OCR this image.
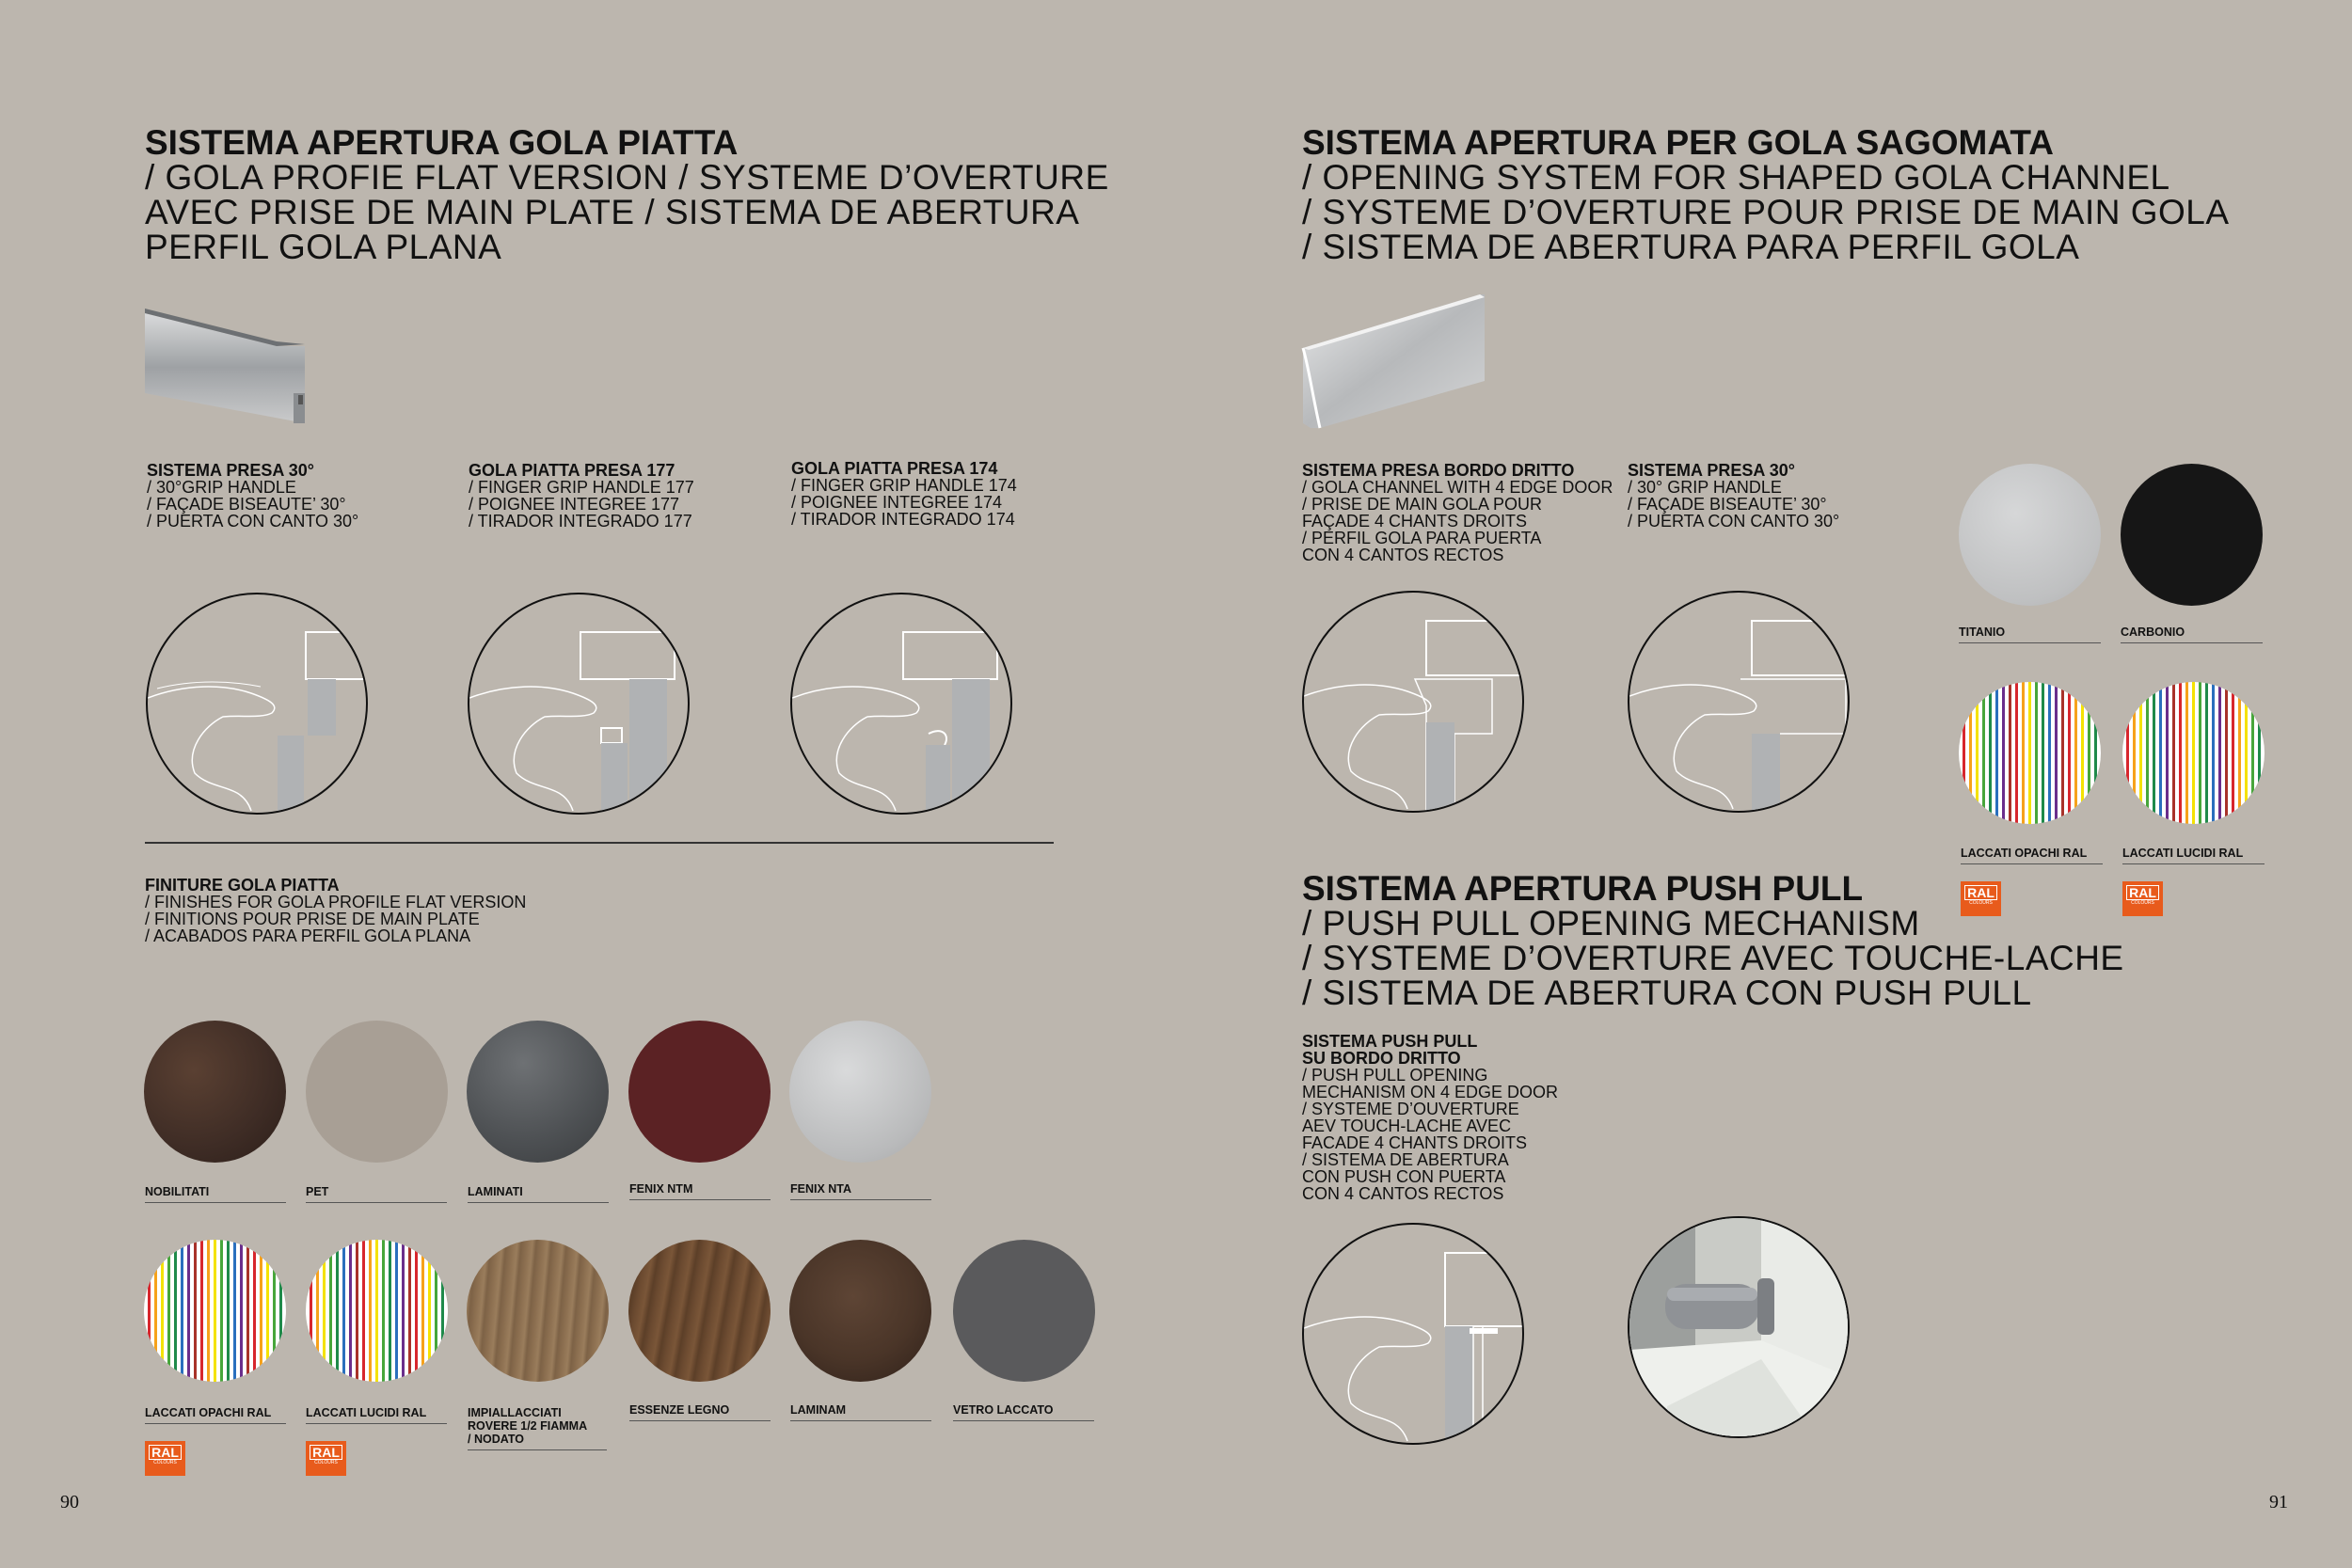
SISTEMA APERTURA GOLA PIATTA
/ GOLA PROFIE FLAT VERSION / SYSTEME D’OVERTURE
AVEC PRISE DE MAIN PLATE / SISTEMA DE ABERTURA
PERFIL GOLA PLANA
SISTEMA PRESA 30°
/ 30°GRIP HANDLE
/ FAÇADE BISEAUTE’ 30°
/ PUERTA CON CANTO 30°
GOLA PIATTA PRESA 177
/ FINGER GRIP HANDLE 177
/ POIGNEE INTEGREE 177
/ TIRADOR INTEGRADO 177
GOLA PIATTA PRESA 174
/ FINGER GRIP HANDLE 174
/ POIGNEE INTEGREE 174
/ TIRADOR INTEGRADO 174
FINITURE GOLA PIATTA
/ FINISHES FOR GOLA PROFILE FLAT VERSION
/ FINITIONS POUR PRISE DE MAIN PLATE
/ ACABADOS PARA PERFIL GOLA PLANA
NOBILITATI	PET	LAMINATI	FENIX NTM	FENIX NTA
LACCATI OPACHI RAL
RAL
COLOURS
LACCATI LUCIDI RAL
RAL
COLOURS
IMPIALLACCIATI
ROVERE 1/2 FIAMMA
/ NODATO
ESSENZE LEGNO	LAMINAM	VETRO LACCATO
90
SISTEMA APERTURA PER GOLA SAGOMATA
/ OPENING SYSTEM FOR SHAPED GOLA CHANNEL
/ SYSTEME D’OVERTURE POUR PRISE DE MAIN GOLA
/ SISTEMA DE ABERTURA PARA PERFIL GOLA
SISTEMA PRESA BORDO DRITTO
/ GOLA CHANNEL WITH 4 EDGE DOOR
/ PRISE DE MAIN GOLA POUR
FAÇADE 4 CHANTS DROITS
/ PERFIL GOLA PARA PUERTA
CON 4 CANTOS RECTOS
SISTEMA PRESA 30°
/ 30° GRIP HANDLE
/ FAÇADE BISEAUTE’ 30°
/ PUERTA CON CANTO 30°
TITANIO	CARBONIO
LACCATI OPACHI RAL
RAL
COLOURS
LACCATI LUCIDI RAL
RAL
COLOURS
SISTEMA APERTURA PUSH PULL
/ PUSH PULL OPENING MECHANISM
/ SYSTEME D’OVERTURE AVEC TOUCHE-LACHE
/ SISTEMA DE ABERTURA CON PUSH PULL
SISTEMA PUSH PULL
SU BORDO DRITTO
/ PUSH PULL OPENING
MECHANISM ON 4 EDGE DOOR
/ SYSTEME D’OUVERTURE
AEV TOUCH-LACHE AVEC
FACADE 4 CHANTS DROITS
/ SISTEMA DE ABERTURA
CON PUSH CON PUERTA
CON 4 CANTOS RECTOS
91
